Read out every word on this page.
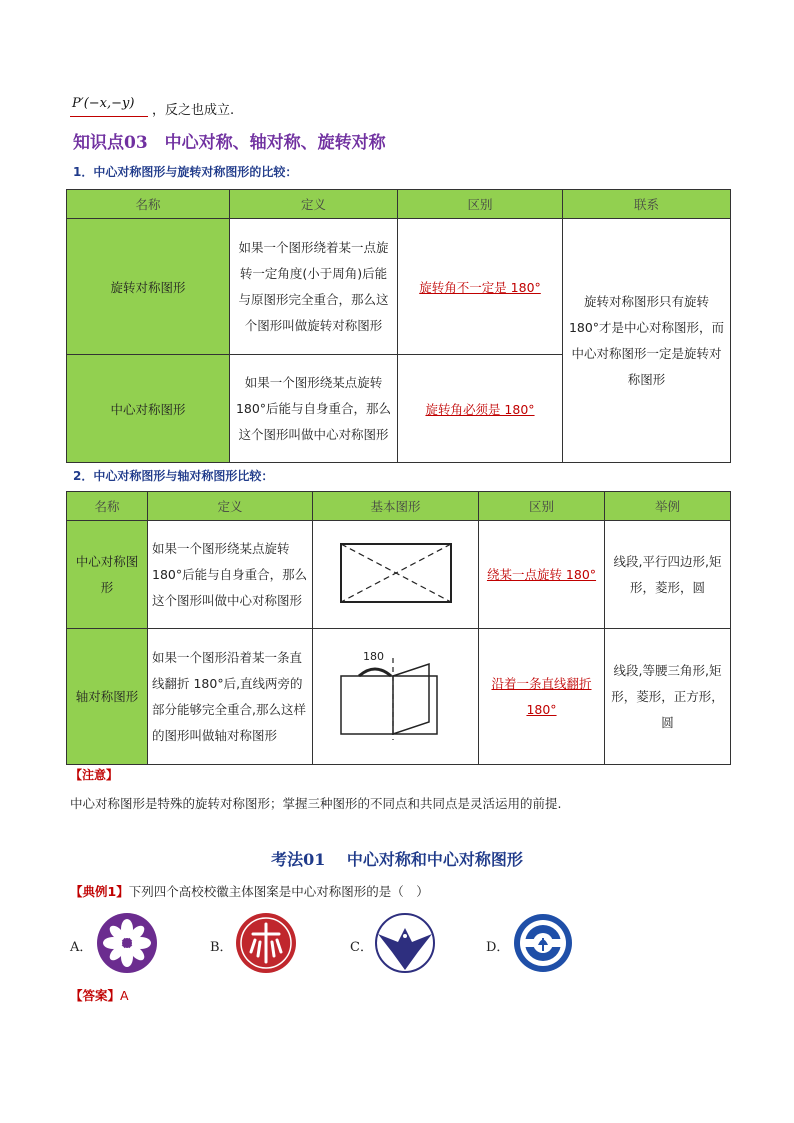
P′(−x,−y) ，反之也成立.
知识点03　中心对称、轴对称、旋转对称
1．中心对称图形与旋转对称图形的比较：
名称	定义	区别	联系
旋转对称图形	如果一个图形绕着某一点旋转一定角度(小于周角)后能与原图形完全重合，那么这个图形叫做旋转对称图形	旋转角不一定是 180°	旋转对称图形只有旋转 180°才是中心对称图形，而中心对称图形一定是旋转对称图形
中心对称图形	如果一个图形绕某点旋转 180°后能与自身重合，那么这个图形叫做中心对称图形	旋转角必须是 180°	
2．中心对称图形与轴对称图形比较：
名称	定义	基本图形	区别	举例
中心对称图形	如果一个图形绕某点旋转 180°后能与自身重合，那么这个图形叫做中心对称图形		绕某一点旋转 180°	线段,平行四边形,矩形，菱形，圆
轴对称图形	如果一个图形沿着某一条直线翻折 180°后,直线两旁的部分能够完全重合,那么这样的图形叫做轴对称图形	180	沿着一条直线翻折 180°	线段,等腰三角形,矩形，菱形，正方形，圆
【注意】
中心对称图形是特殊的旋转对称图形；掌握三种图形的不同点和共同点是灵活运用的前提.
考法01　 中心对称和中心对称图形
【典例1】下列四个高校校徽主体图案是中心对称图形的是（　）
A．	B．	C．	D．
【答案】A
